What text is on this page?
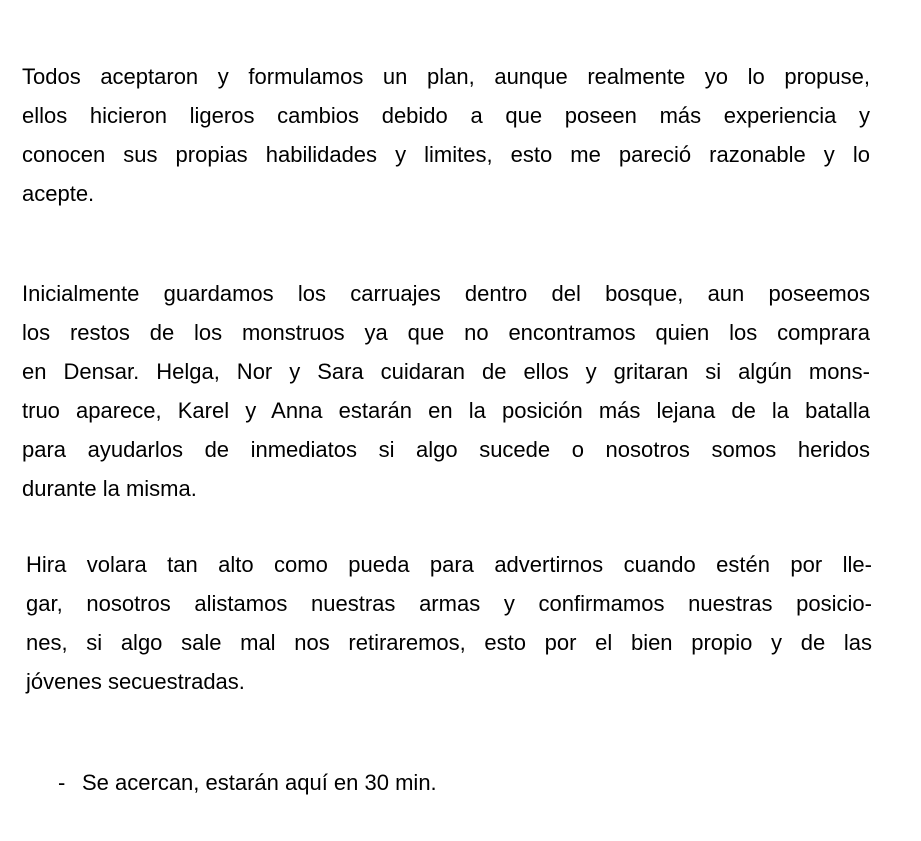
Todos aceptaron y formulamos un plan, aunque realmente yo lo propuse,
ellos hicieron ligeros cambios debido a que poseen más experiencia y
conocen sus propias habilidades y limites, esto me pareció razonable y lo
acepte.

Inicialmente guardamos los carruajes dentro del bosque, aun poseemos
los restos de los monstruos ya que no encontramos quien los comprara
en Densar. Helga, Nor y Sara cuidaran de ellos y gritaran si algún mons-
truo aparece, Karel y Anna estarán en la posición más lejana de la batalla
para ayudarlos de inmediatos si algo sucede o nosotros somos heridos
durante la misma.

Hira volara tan alto como pueda para advertirnos cuando estén por lle-
gar, nosotros alistamos nuestras armas y confirmamos nuestras posicio-
nes, si algo sale mal nos retiraremos, esto por el bien propio y de las
jóvenes secuestradas.

- Se acercan, estarán aquí en 30 min.
